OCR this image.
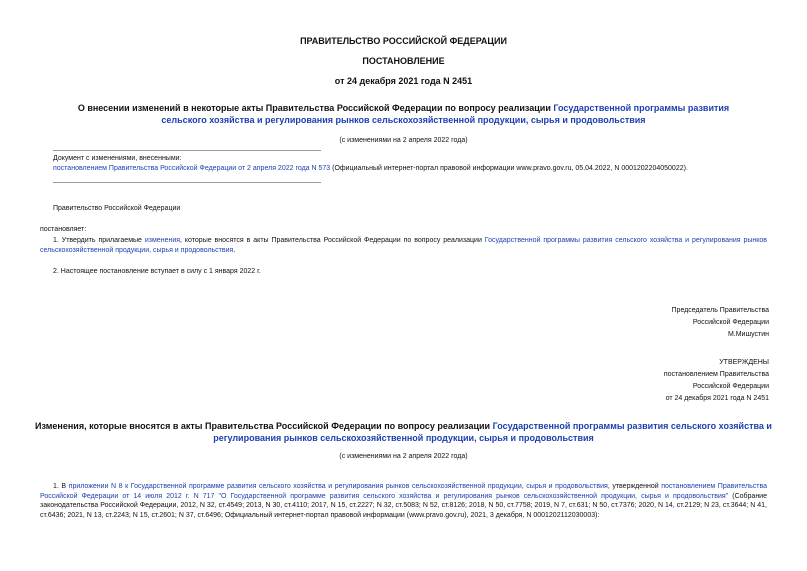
ПРАВИТЕЛЬСТВО РОССИЙСКОЙ ФЕДЕРАЦИИ
ПОСТАНОВЛЕНИЕ
от 24 декабря 2021 года N 2451
О внесении изменений в некоторые акты Правительства Российской Федерации по вопросу реализации Государственной программы развития сельского хозяйства и регулирования рынков сельскохозяйственной продукции, сырья и продовольствия
(с изменениями на 2 апреля 2022 года)
Документ с изменениями, внесенными:
постановлением Правительства Российской Федерации от 2 апреля 2022 года N 573 (Официальный интернет-портал правовой информации www.pravo.gov.ru, 05.04.2022, N 0001202204050022).
Правительство Российской Федерации
постановляет:
1. Утвердить прилагаемые изменения, которые вносятся в акты Правительства Российской Федерации по вопросу реализации Государственной программы развития сельского хозяйства и регулирования рынков сельскохозяйственной продукции, сырья и продовольствия.
2. Настоящее постановление вступает в силу с 1 января 2022 г.
Председатель Правительства
Российской Федерации
М.Мишустин
УТВЕРЖДЕНЫ
постановлением Правительства
Российской Федерации
от 24 декабря 2021 года N 2451
Изменения, которые вносятся в акты Правительства Российской Федерации по вопросу реализации Государственной программы развития сельского хозяйства и регулирования рынков сельскохозяйственной продукции, сырья и продовольствия
(с изменениями на 2 апреля 2022 года)
1. В приложении N 8 к Государственной программе развития сельского хозяйства и регулирования рынков сельскохозяйственной продукции, сырья и продовольствия, утвержденной постановлением Правительства Российской Федерации от 14 июля 2012 г. N 717 "О Государственной программе развития сельского хозяйства и регулирования рынков сельскохозяйственной продукции, сырья и продовольствия" (Собрание законодательства Российской Федерации, 2012, N 32, ст.4549; 2013, N 30, ст.4110; 2017, N 15, ст.2227; N 32, ст.5083; N 52, ст.8126; 2018, N 50, ст.7758; 2019, N 7, ст.631; N 50, ст.7376; 2020, N 14, ст.2129; N 23, ст.3644; N 41, ст.6436; 2021, N 13, ст.2243; N 15, ст.2601; N 37, ст.6496; Официальный интернет-портал правовой информации (www.pravo.gov.ru), 2021, 3 декабря, N 0001202112030003):
